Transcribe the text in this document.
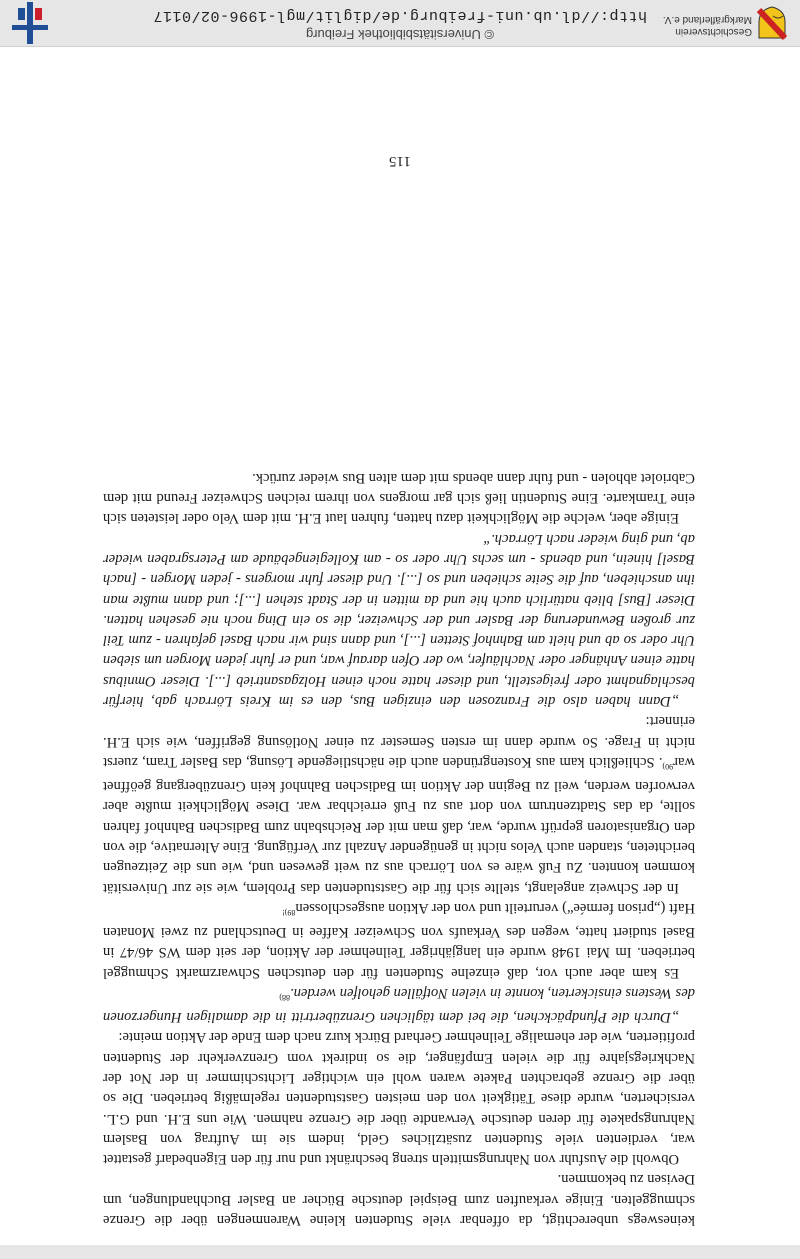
keineswegs unberechtigt, da offenbar viele Studenten kleine Warenmengen über die Grenze schmuggelten. Einige verkauften zum Beispiel deutsche Bücher an Basler Buchhandlungen, um Devisen zu bekommen.

Obwohl die Ausfuhr von Nahrungsmitteln streng beschränkt und nur für den Eigenbedarf gestattet war, verdienten viele Studenten zusätzliches Geld, indem sie im Auftrag von Baslern Nahrungspakete für deren deutsche Verwandte über die Grenze nahmen. Wie uns E.H. und G.L. versicherten, wurde diese Tätigkeit von den meisten Gaststudenten regelmäßig betrieben. Die so über die Grenze gebrachten Pakete waren wohl ein wichtiger Lichtschimmer in der Not der Nachkriegsjahre für die vielen Empfänger, die so indirekt vom Grenzverkehr der Studenten profitierten, wie der ehemalige Teilnehmer Gerhard Bürck kurz nach dem Ende der Aktion meinte:

„Durch die Pfundpäckchen, die bei dem täglichen Grenzübertritt in die damaligen Hungerzonen des Westens einsickerten, konnte in vielen Notfällen geholfen werden.$^{88)}$

Es kam aber auch vor, daß einzelne Studenten für den deutschen Schwarzmarkt Schmuggel betrieben. Im Mai 1948 wurde ein langjähriger Teilnehmer der Aktion, der seit dem WS 46/47 in Basel studiert hatte, wegen des Verkaufs von Schweizer Kaffee in Deutschland zu zwei Monaten Haft („prison fermée“) verurteilt und von der Aktion ausgeschlossen$^{89)!}$

In der Schweiz angelangt, stellte sich für die Gaststudenten das Problem, wie sie zur Universität kommen konnten. Zu Fuß wäre es von Lörrach aus zu weit gewesen und, wie uns die Zeitzeugen berichteten, standen auch Velos nicht in genügender Anzahl zur Verfügung. Eine Alternative, die von den Organisatoren geprüft wurde, war, daß man mit der Reichsbahn zum Badischen Bahnhof fahren sollte, da das Stadtzentrum von dort aus zu Fuß erreichbar war. Diese Möglichkeit mußte aber verworfen werden, weil zu Beginn der Aktion im Badischen Bahnhof kein Grenzübergang geöffnet war$^{90)}$. Schließlich kam aus Kostengründen auch die nächstliegende Lösung, das Basler Tram, zuerst nicht in Frage. So wurde dann im ersten Semester zu einer Notlösung gegriffen, wie sich E.H. erinnert:

„Dann haben also die Franzosen den einzigen Bus, den es im Kreis Lörrach gab, hierfür beschlagnahmt oder freigestellt, und dieser hatte noch einen Holzgasantrieb [...]. Dieser Omnibus hatte einen Anhänger oder Nachläufer, wo der Ofen darauf war, und er fuhr jeden Morgen um sieben Uhr oder so ab und hielt am Bahnhof Stetten [...], und dann sind wir nach Basel gefahren - zum Teil zur großen Bewunderung der Basler und der Schweizer, die so ein Ding noch nie gesehen hatten. Dieser [Bus] blieb natürlich auch hie und da mitten in der Stadt stehen [...]; und dann mußte man ihn anschieben, auf die Seite schieben und so [...]. Und dieser fuhr morgens - jeden Morgen - [nach Basel] hinein, und abends - um sechs Uhr oder so - am Kollegiengebäude am Petersgraben wieder ab, und ging wieder nach Lörrach.“

Einige aber, welche die Möglichkeit dazu hatten, fuhren laut E.H. mit dem Velo oder leisteten sich eine Tramkarte. Eine Studentin ließ sich gar morgens von ihrem reichen Schweizer Freund mit dem Cabriolet abholen - und fuhr dann abends mit dem alten Bus wieder zurück.

115
Geschichtsverein
Markgräflerland e.V.
© Universitätsbibliothek Freiburg
http://dl.ub.uni-freiburg.de/diglit/mgl-1996-02/0117
